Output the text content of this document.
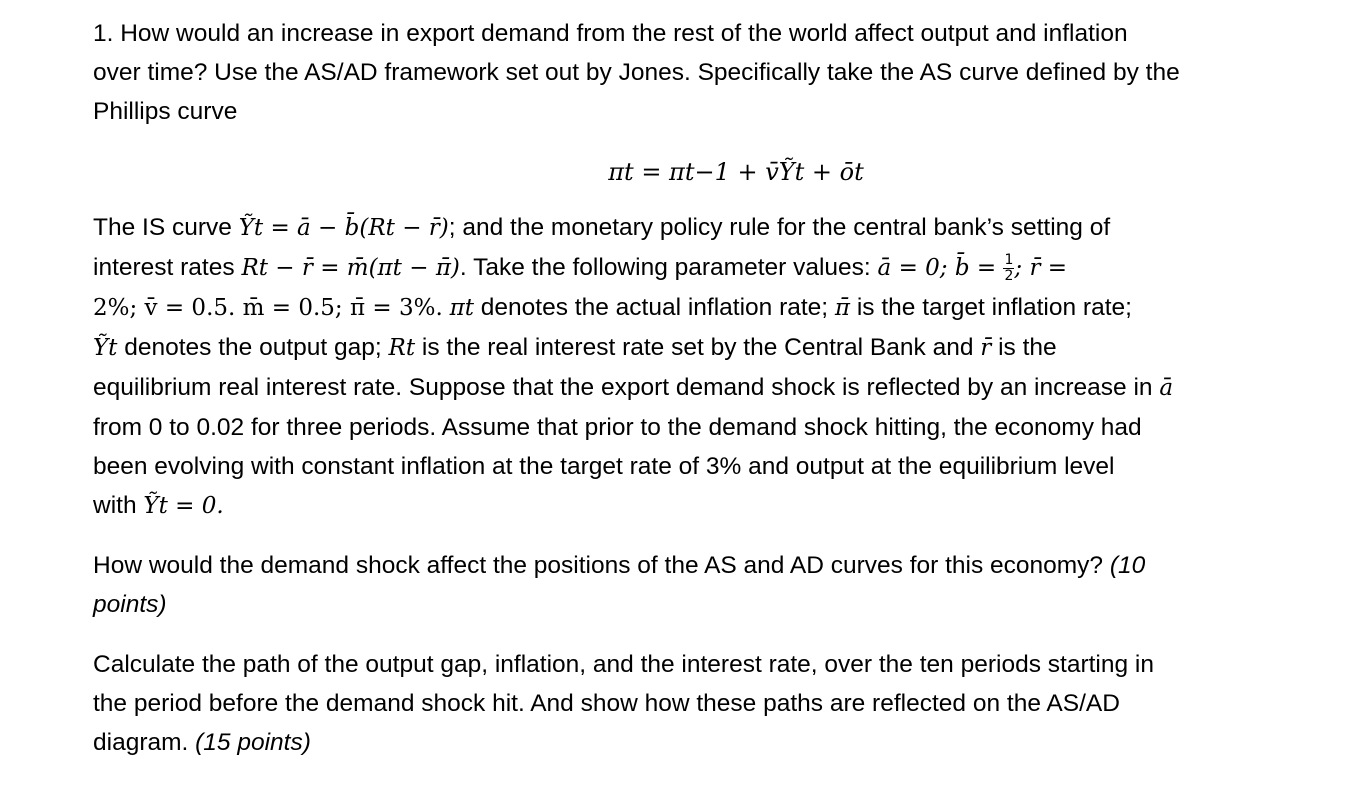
1. How would an increase in export demand from the rest of the world affect output and inflation
over time? Use the AS/AD framework set out by Jones. Specifically take the AS curve defined by the
Phillips curve

πt = πt−1 + v̄Ỹt + ōt

The IS curve Ỹt = ā − b̄(Rt − r̄); and the monetary policy rule for the central bank’s setting of
interest rates Rt − r̄ = m̄(πt − π̄). Take the following parameter values: ā = 0; b̄ = $\frac{1}{2}$ ; r̄ =
2%; v̄ = 0.5. m̄ = 0.5; π̄ = 3%. πt denotes the actual inflation rate; π̄ is the target inflation rate;
Ỹt denotes the output gap; Rt is the real interest rate set by the Central Bank and r̄ is the
equilibrium real interest rate. Suppose that the export demand shock is reflected by an increase in ā
from 0 to 0.02 for three periods. Assume that prior to the demand shock hitting, the economy had
been evolving with constant inflation at the target rate of 3% and output at the equilibrium level
with Ỹt = 0.

How would the demand shock affect the positions of the AS and AD curves for this economy? (10
points)

Calculate the path of the output gap, inflation, and the interest rate, over the ten periods starting in
the period before the demand shock hit. And show how these paths are reflected on the AS/AD
diagram. (15 points)
